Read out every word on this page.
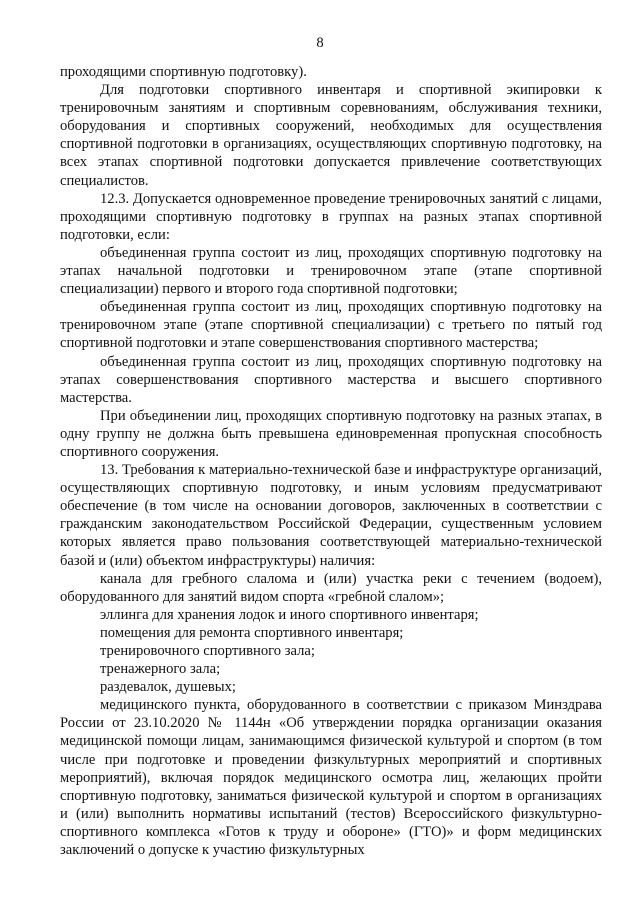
8

проходящими спортивную подготовку).

Для подготовки спортивного инвентаря и спортивной экипировки к тренировочным занятиям и спортивным соревнованиям, обслуживания техники, оборудования и спортивных сооружений, необходимых для осуществления спортивной подготовки в организациях, осуществляющих спортивную подготовку, на всех этапах спортивной подготовки допускается привлечение соответствующих специалистов.

12.3. Допускается одновременное проведение тренировочных занятий с лицами, проходящими спортивную подготовку в группах на разных этапах спортивной подготовки, если:

объединенная группа состоит из лиц, проходящих спортивную подготовку на этапах начальной подготовки и тренировочном этапе (этапе спортивной специализации) первого и второго года спортивной подготовки;

объединенная группа состоит из лиц, проходящих спортивную подготовку на тренировочном этапе (этапе спортивной специализации) с третьего по пятый год спортивной подготовки и этапе совершенствования спортивного мастерства;

объединенная группа состоит из лиц, проходящих спортивную подготовку на этапах совершенствования спортивного мастерства и высшего спортивного мастерства.

При объединении лиц, проходящих спортивную подготовку на разных этапах, в одну группу не должна быть превышена единовременная пропускная способность спортивного сооружения.

13. Требования к материально-технической базе и инфраструктуре организаций, осуществляющих спортивную подготовку, и иным условиям предусматривают обеспечение (в том числе на основании договоров, заключенных в соответствии с гражданским законодательством Российской Федерации, существенным условием которых является право пользования соответствующей материально-технической базой и (или) объектом инфраструктуры) наличия:

канала для гребного слалома и (или) участка реки с течением (водоем), оборудованного для занятий видом спорта «гребной слалом»;

эллинга для хранения лодок и иного спортивного инвентаря;

помещения для ремонта спортивного инвентаря;

тренировочного спортивного зала;

тренажерного зала;

раздевалок, душевых;

медицинского пункта, оборудованного в соответствии с приказом Минздрава России от 23.10.2020 № 1144н «Об утверждении порядка организации оказания медицинской помощи лицам, занимающимся физической культурой и спортом (в том числе при подготовке и проведении физкультурных мероприятий и спортивных мероприятий), включая порядок медицинского осмотра лиц, желающих пройти спортивную подготовку, заниматься физической культурой и спортом в организациях и (или) выполнить нормативы испытаний (тестов) Всероссийского физкультурно-спортивного комплекса «Готов к труду и обороне» (ГТО)» и форм медицинских заключений о допуске к участию физкультурных
